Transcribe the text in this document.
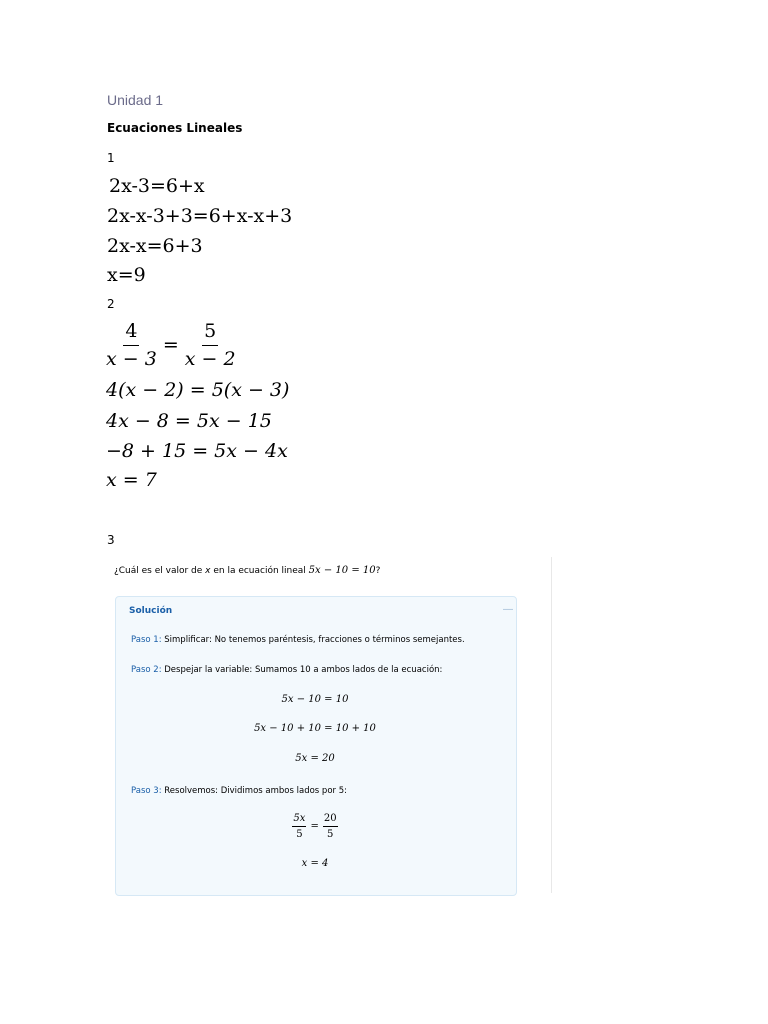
Unidad 1
Ecuaciones Lineales
1
2x-3=6+x
2x-x-3+3=6+x-x+3
2x-x=6+3
x=9
2
$\frac{4}{x - 3} = \frac{5}{x - 2}$
4(x − 2) = 5(x − 3)
4x − 8 = 5x − 15
−8 + 15 = 5x − 4x
x = 7
3
¿Cuál es el valor de x en la ecuación lineal 5x − 10 = 10?
Solución	—
Paso 1: Simplificar: No tenemos paréntesis, fracciones o términos semejantes.
Paso 2: Despejar la variable: Sumamos 10 a ambos lados de la ecuación:
5x − 10 = 10
5x − 10 + 10 = 10 + 10
5x = 20
Paso 3: Resolvemos: Dividimos ambos lados por 5:
$\frac{5x}{5} = \frac{20}{5}$
x = 4
